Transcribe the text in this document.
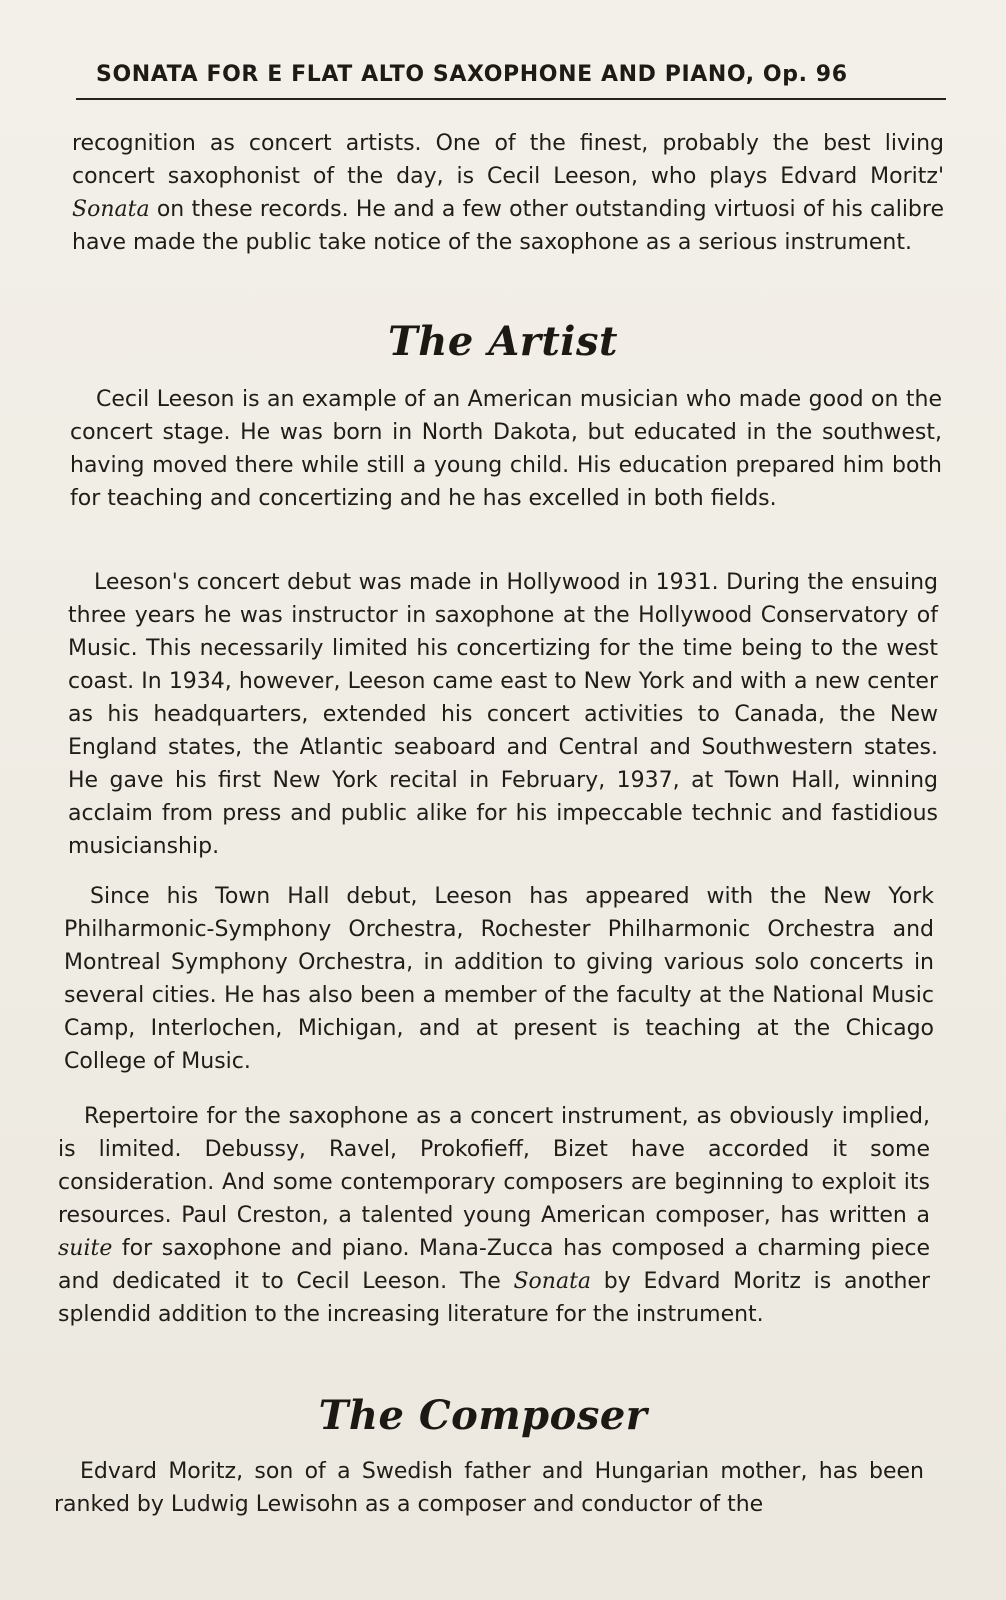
SONATA FOR E FLAT ALTO SAXOPHONE AND PIANO, Op. 96

recognition as concert artists. One of the finest, probably the best living concert saxophonist of the day, is Cecil Leeson, who plays Edvard Moritz' Sonata on these records. He and a few other outstanding virtuosi of his calibre have made the public take notice of the saxophone as a serious instrument.

The Artist

Cecil Leeson is an example of an American musician who made good on the concert stage. He was born in North Dakota, but educated in the southwest, having moved there while still a young child. His education prepared him both for teaching and concertizing and he has excelled in both fields.

Leeson's concert debut was made in Hollywood in 1931. During the ensuing three years he was instructor in saxophone at the Hollywood Conservatory of Music. This necessarily limited his concertizing for the time being to the west coast. In 1934, however, Leeson came east to New York and with a new center as his headquarters, extended his concert activities to Canada, the New England states, the Atlantic seaboard and Central and Southwestern states. He gave his first New York recital in February, 1937, at Town Hall, winning acclaim from press and public alike for his impeccable technic and fastidious musicianship.

Since his Town Hall debut, Leeson has appeared with the New York Philharmonic-Symphony Orchestra, Rochester Philharmonic Orchestra and Montreal Symphony Orchestra, in addition to giving various solo concerts in several cities. He has also been a member of the faculty at the National Music Camp, Interlochen, Michigan, and at present is teaching at the Chicago College of Music.

Repertoire for the saxophone as a concert instrument, as obviously implied, is limited. Debussy, Ravel, Prokofieff, Bizet have accorded it some consideration. And some contemporary composers are beginning to exploit its resources. Paul Creston, a talented young American composer, has written a suite for saxophone and piano. Mana-Zucca has composed a charming piece and dedicated it to Cecil Leeson. The Sonata by Edvard Moritz is another splendid addition to the increasing literature for the instrument.

The Composer

Edvard Moritz, son of a Swedish father and Hungarian mother, has been ranked by Ludwig Lewisohn as a composer and conductor of the
